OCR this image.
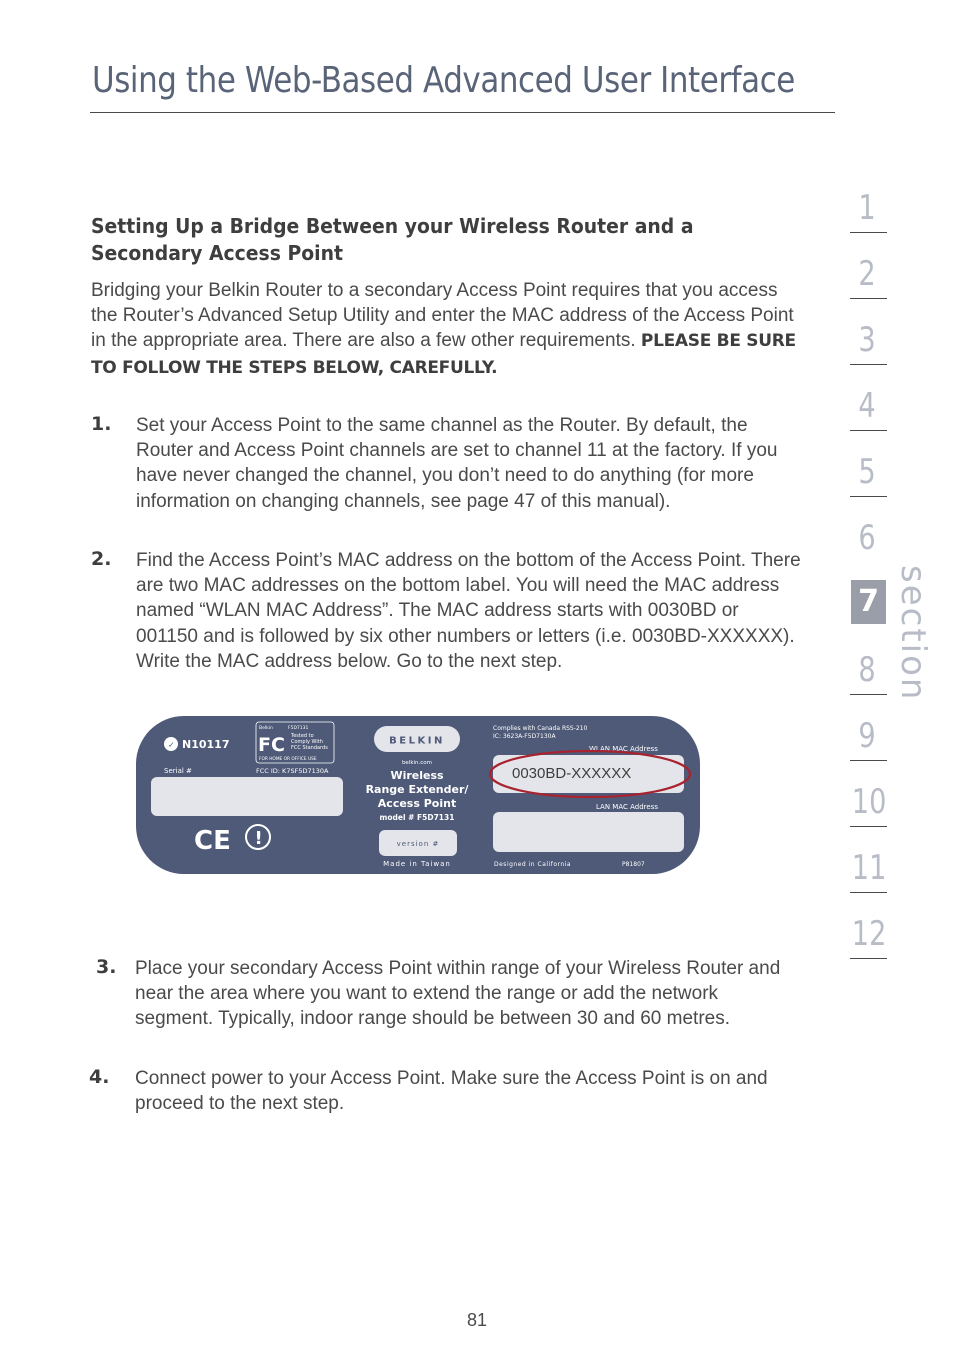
Using the Web-Based Advanced User Interface
1
2
3
4
5
6
7
8
9
10
11
12
section
Setting Up a Bridge Between your Wireless Router and a Secondary Access Point
Bridging your Belkin Router to a secondary Access Point requires that you access the Router’s Advanced Setup Utility and enter the MAC address of the Access Point in the appropriate area. There are also a few other requirements. PLEASE BE SURE TO FOLLOW THE STEPS BELOW, CAREFULLY.
1. Set your Access Point to the same channel as the Router. By default, the Router and Access Point channels are set to channel 11 at the factory. If you have never changed the channel, you don’t need to do anything (for more information on changing channels, see page 47 of this manual).
2. Find the Access Point’s MAC address on the bottom of the Access Point. There are two MAC addresses on the bottom label. You will need the MAC address named “WLAN MAC Address”. The MAC address starts with 0030BD or 001150 and is followed by six other numbers or letters (i.e. 0030BD-XXXXXX). Write the MAC address below. Go to the next step.
✓ N10117
Serial #
Belkin	F5D7131
FC Tested to
Comply With
FCC Standards
FOR HOME OR OFFICE USE
FCC ID: K7SF5D7130A
CE !
BELKIN
belkin.com
Wireless
Range Extender/
Access Point
model # F5D7131
version #
Made in Taiwan
Complies with Canada RSS-210
IC: 3623A-F5D7130A
WLAN MAC Address
0030BD-XXXXXX
LAN MAC Address
Designed in California	P81807
3. Place your secondary Access Point within range of your Wireless Router and near the area where you want to extend the range or add the network segment. Typically, indoor range should be between 30 and 60 metres.
4. Connect power to your Access Point. Make sure the Access Point is on and proceed to the next step.
81
